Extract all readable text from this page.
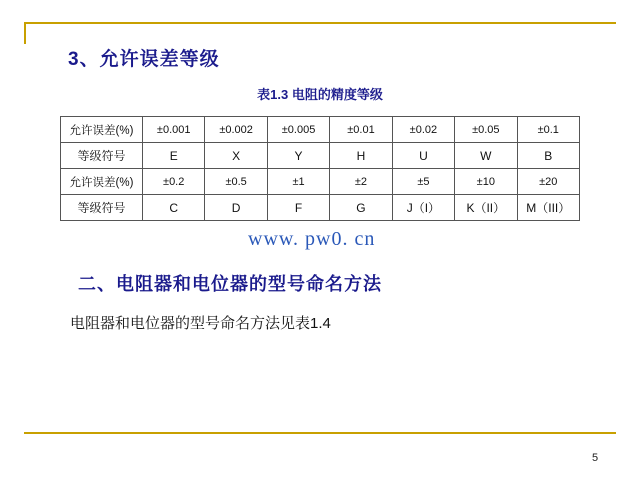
3、允许误差等级
表1.3 电阻的精度等级
允许误差(%)	±0.001	±0.002	±0.005	±0.01	±0.02	±0.05	±0.1
等级符号	E	X	Y	H	U	W	B
允许误差(%)	±0.2	±0.5	±1	±2	±5	±10	±20
等级符号	C	D	F	G	J（I）	K（II）	M（III）
www. pw0. cn
二、电阻器和电位器的型号命名方法
电阻器和电位器的型号命名方法见表1.4
5
